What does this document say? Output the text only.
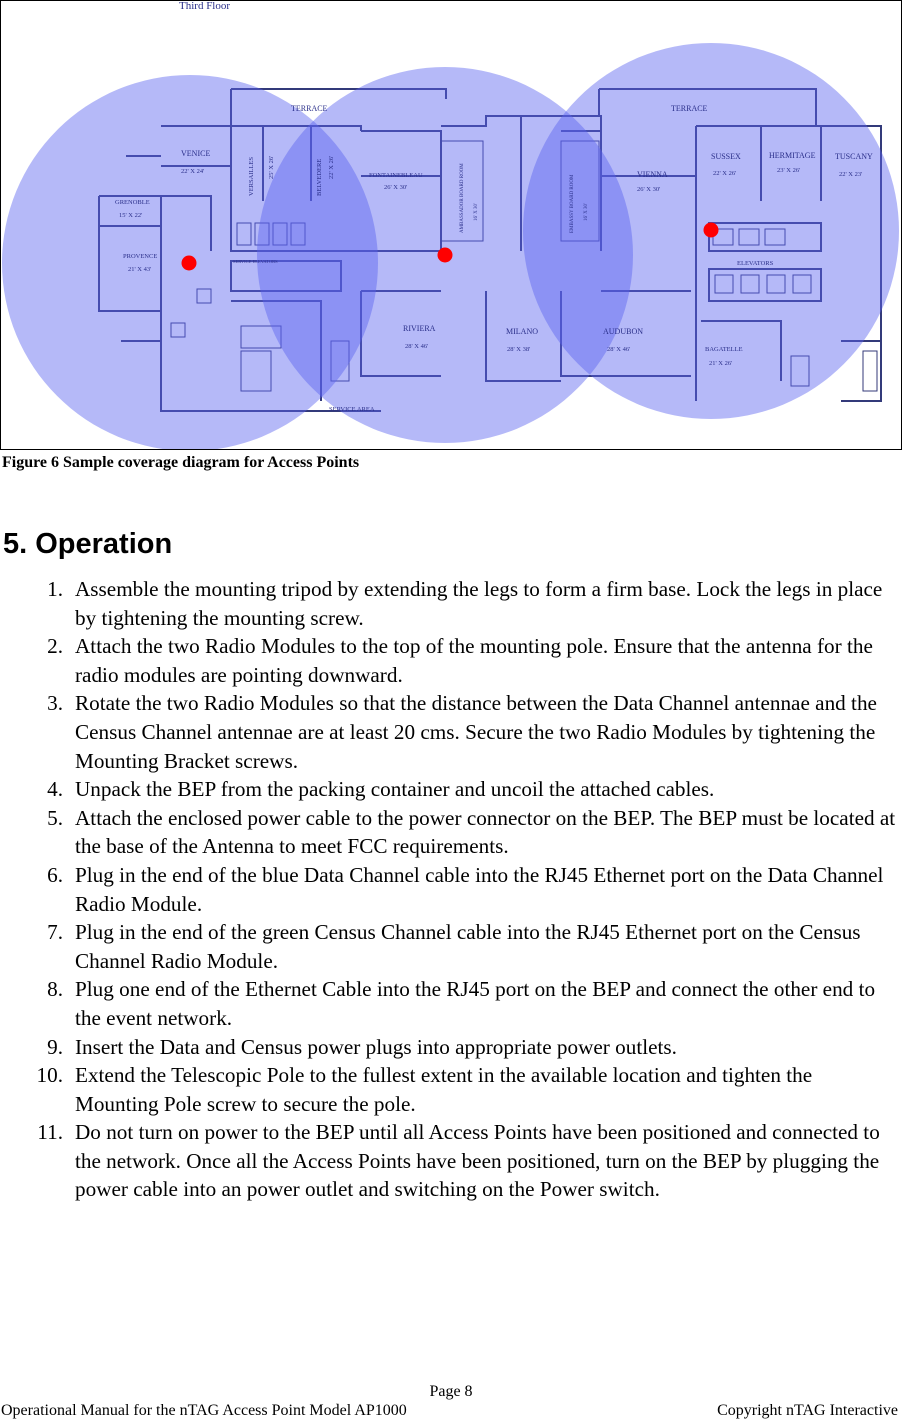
Third Floor
TERRACE	TERRACE
VENICE
22' X 24'	VERSAILLES 25' X 26'	BELVEDERE 22' X 26'	FONTAINEBLEAU
26' X 30'	AMBASSADOR BOARD ROOM 16' X 30'	EMBASSY BOARD ROOM 16' X 30'
VIENNA
26' X 30'
SUSSEX
22' X 26'
HERMITAGE
23' X 26'
TUSCANY
22' X 23'
GRENOBLE
15' X 22'
PROVENCE
21' X 43'
SERVICE ELEVATORS	ELEVATORS
RIVIERA
28' X 46'
MILANO
28' X 38'
AUDUBON
28' X 46'	BAGATELLE
21' X 26'
SERVICE AREA
Figure 6 Sample coverage diagram for Access Points
5. Operation
1. Assemble the mounting tripod by extending the legs to form a firm base. Lock the legs in place by tightening the mounting screw.
2. Attach the two Radio Modules to the top of the mounting pole. Ensure that the antenna for the radio modules are pointing downward.
3. Rotate the two Radio Modules so that the distance between the Data Channel antennae and the Census Channel antennae are at least 20 cms. Secure the two Radio Modules by tightening the Mounting Bracket screws.
4. Unpack the BEP from the packing container and uncoil the attached cables.
5. Attach the enclosed power cable to the power connector on the BEP. The BEP must be located at the base of the Antenna to meet FCC requirements.
6. Plug in the end of the blue Data Channel cable into the RJ45 Ethernet port on the Data Channel Radio Module.
7. Plug in the end of the green Census Channel cable into the RJ45 Ethernet port on the Census Channel Radio Module.
8. Plug one end of the Ethernet Cable into the RJ45 port on the BEP and connect the other end to the event network.
9. Insert the Data and Census power plugs into appropriate power outlets.
10. Extend the Telescopic Pole to the fullest extent in the available location and tighten the Mounting Pole screw to secure the pole.
11. Do not turn on power to the BEP until all Access Points have been positioned and connected to the network. Once all the Access Points have been positioned, turn on the BEP by plugging the power cable into an power outlet and switching on the Power switch.
Page 8
Operational Manual for the nTAG Access Point Model AP1000	Copyright nTAG Interactive
